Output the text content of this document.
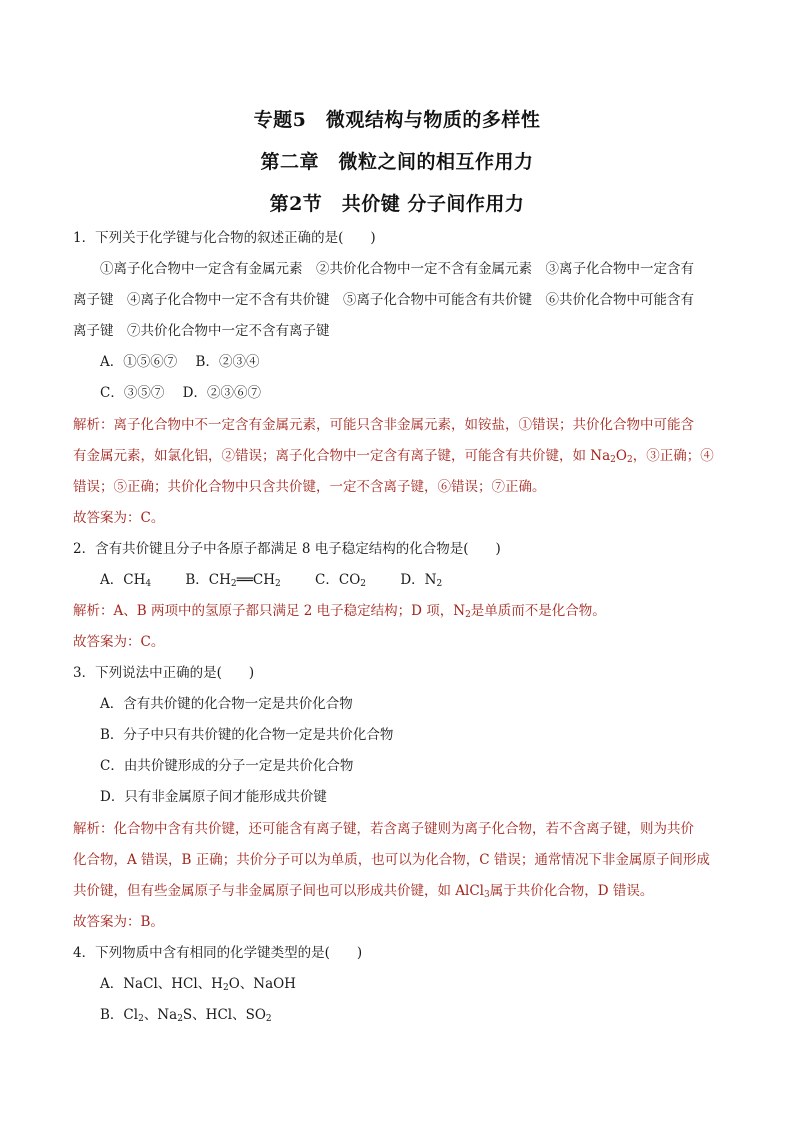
专题5　微观结构与物质的多样性
第二章　微粒之间的相互作用力
第2节　共价键 分子间作用力
1．下列关于化学键与化合物的叙述正确的是(　　)
①离子化合物中一定含有金属元素　②共价化合物中一定不含有金属元素　③离子化合物中一定含有
离子键　④离子化合物中一定不含有共价键　⑤离子化合物中可能含有共价键　⑥共价化合物中可能含有
离子键　⑦共价化合物中一定不含有离子键
A．①⑤⑥⑦ B．②③④
C．③⑤⑦ D．②③⑥⑦
解析：离子化合物中不一定含有金属元素，可能只含非金属元素，如铵盐，①错误；共价化合物中可能含
有金属元素，如氯化铝，②错误；离子化合物中一定含有离子键，可能含有共价键，如 $Na_2O_2$，③正确；④
错误；⑤正确；共价化合物中只含共价键，一定不含离子键，⑥错误；⑦正确。
故答案为：C。
2．含有共价键且分子中各原子都满足 8 电子稳定结构的化合物是(　　)
A．$CH_4$	B．$CH_2══CH_2$	C．$CO_2$	D．$N_2$
解析：A、B 两项中的氢原子都只满足 2 电子稳定结构；D 项，$N_2$是单质而不是化合物。
故答案为：C。
3．下列说法中正确的是(　　)
A．含有共价键的化合物一定是共价化合物
B．分子中只有共价键的化合物一定是共价化合物
C．由共价键形成的分子一定是共价化合物
D．只有非金属原子间才能形成共价键
解析：化合物中含有共价键，还可能含有离子键，若含离子键则为离子化合物，若不含离子键，则为共价
化合物，A 错误，B 正确；共价分子可以为单质，也可以为化合物，C 错误；通常情况下非金属原子间形成
共价键，但有些金属原子与非金属原子间也可以形成共价键，如 AlCl$_3$属于共价化合物，D 错误。
故答案为：B。
4．下列物质中含有相同的化学键类型的是(　　)
A．NaCl、HCl、$H_2O$、NaOH
B．$Cl_2$、$Na_2S$、HCl、$SO_2$
